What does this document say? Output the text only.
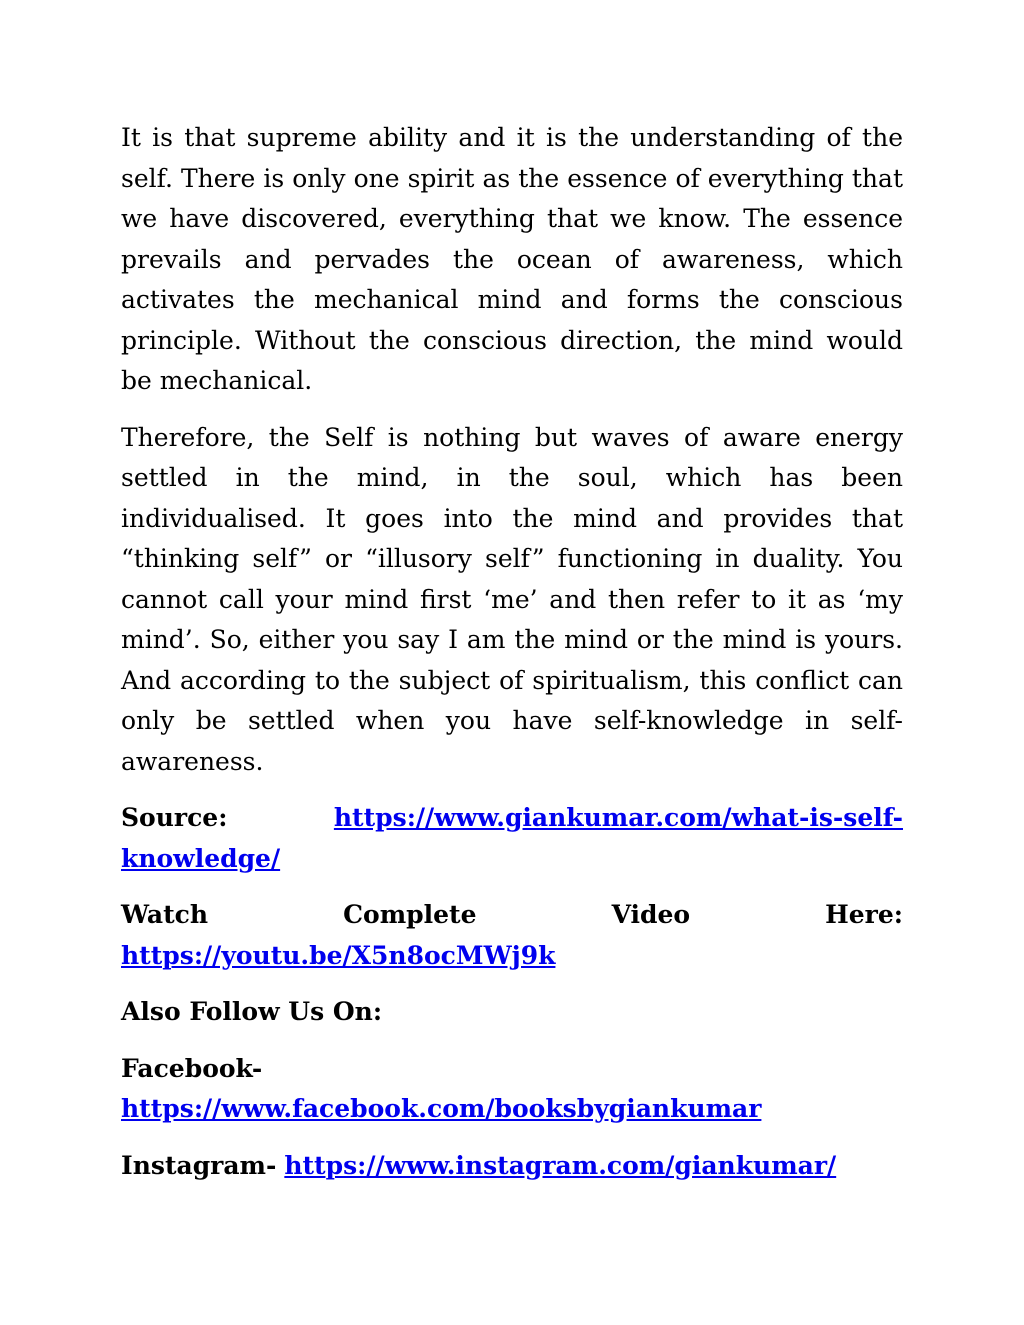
It is that supreme ability and it is the understanding of the self. There is only one spirit as the essence of everything that we have discovered, everything that we know. The essence prevails and pervades the ocean of awareness, which activates the mechanical mind and forms the conscious principle. Without the conscious direction, the mind would be mechanical.

Therefore, the Self is nothing but waves of aware energy settled in the mind, in the soul, which has been individualised. It goes into the mind and provides that “thinking self” or “illusory self” functioning in duality. You cannot call your mind first ‘me’ and then refer to it as ‘my mind’. So, either you say I am the mind or the mind is yours. And according to the subject of spiritualism, this conflict can only be settled when you have self-knowledge in self-awareness.

Source:	https://www.giankumar.com/what-is-self-
knowledge/
Watch	Complete	Video	Here:
https://youtu.be/X5n8ocMWj9k
Also Follow Us On:
Facebook-
https://www.facebook.com/booksbygiankumar
Instagram- https://www.instagram.com/giankumar/
